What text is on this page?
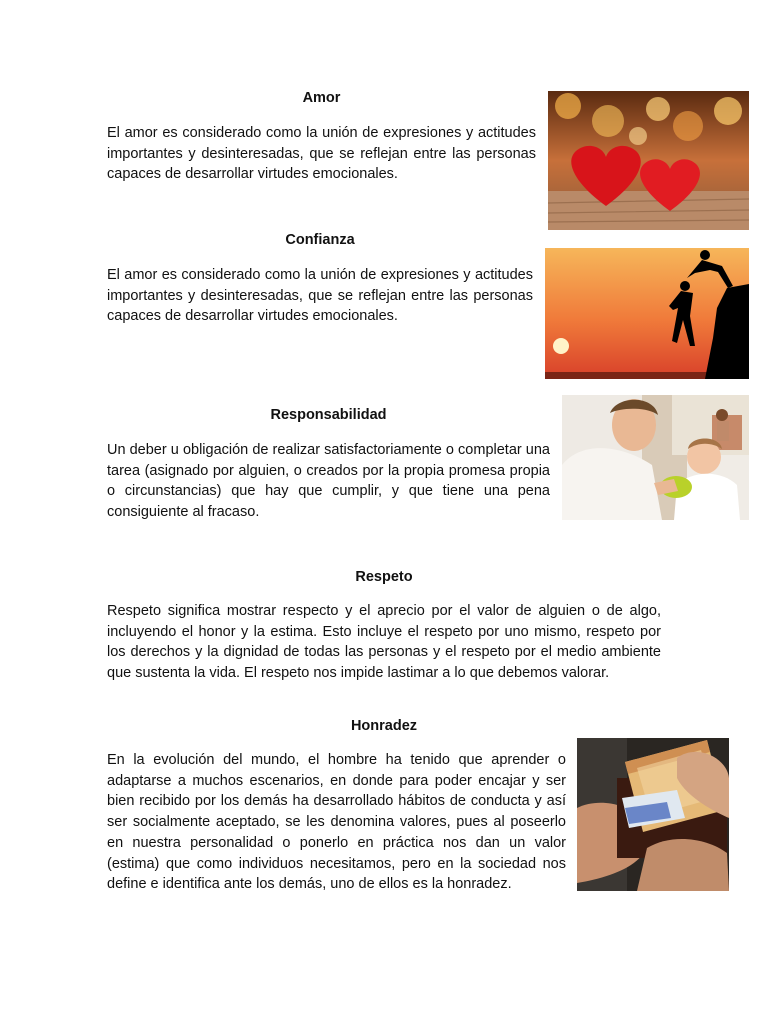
Amor

El amor es considerado como la unión de expresiones y actitudes importantes y desinteresadas, que se reflejan entre las personas capaces de desarrollar virtudes emocionales.

Confianza

El amor es considerado como la unión de expresiones y actitudes importantes y desinteresadas, que se reflejan entre las personas capaces de desarrollar virtudes emocionales.

Responsabilidad

Un deber u obligación de realizar satisfactoriamente o completar una tarea (asignado por alguien, o creados por la propia promesa propia o circunstancias) que hay que cumplir, y que tiene una pena consiguiente al fracaso.

Respeto

Respeto significa mostrar respecto y el aprecio por el valor de alguien o de algo, incluyendo el honor y la estima. Esto incluye el respeto por uno mismo, respeto por los derechos y la dignidad de todas las personas y el respeto por el medio ambiente que sustenta la vida. El respeto nos impide lastimar a lo que debemos valorar.

Honradez

En la evolución del mundo, el hombre ha tenido que aprender o adaptarse a muchos escenarios, en donde para poder encajar y ser bien recibido por los demás ha desarrollado hábitos de conducta y así ser socialmente aceptado, se les denomina valores, pues al poseerlo en nuestra personalidad o ponerlo en práctica nos dan un valor (estima) que como individuos necesitamos, pero en la sociedad nos define e identifica ante los demás, uno de ellos es la honradez.
